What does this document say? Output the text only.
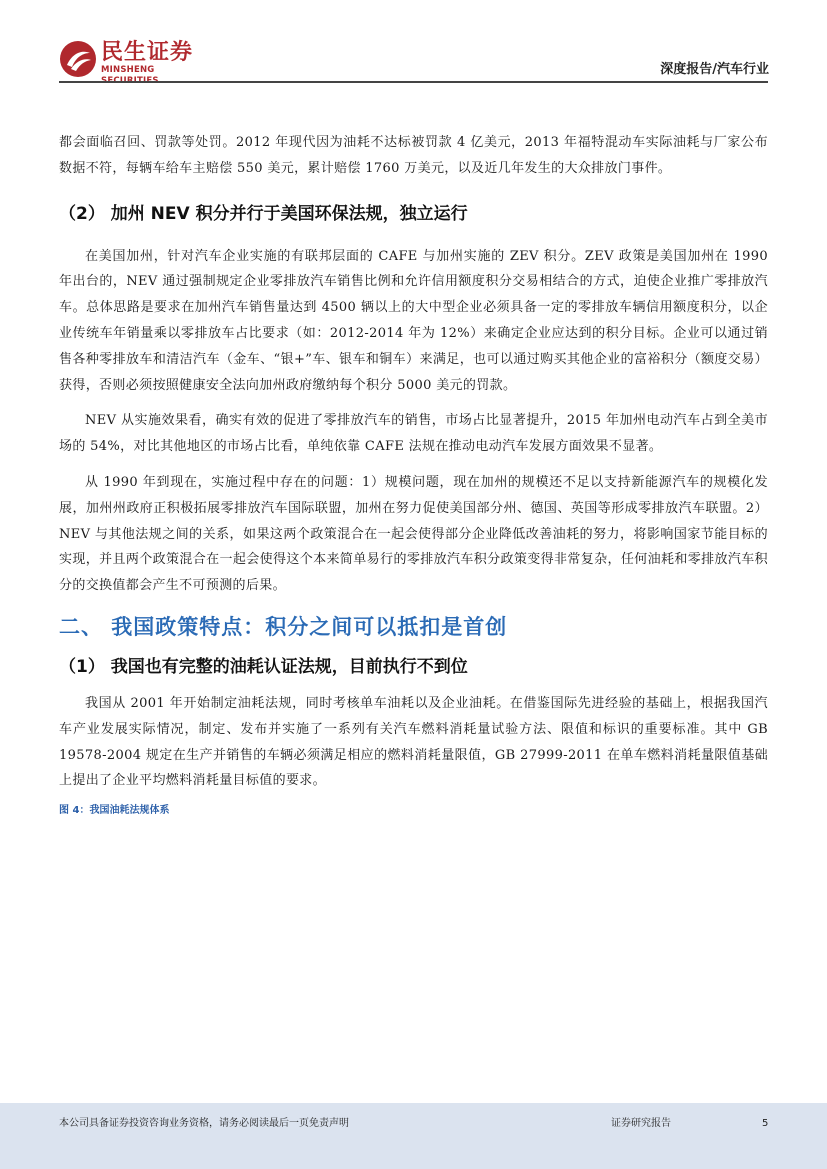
民生证券
MINSHENG	深度报告/汽车行业

都会面临召回、罚款等处罚。2012 年现代因为油耗不达标被罚款 4 亿美元，2013 年福特混动车实际油耗与厂家公布数据不符，每辆车给车主赔偿 550 美元，累计赔偿 1760 万美元，以及近几年发生的大众排放门事件。

（2） 加州 NEV 积分并行于美国环保法规，独立运行

在美国加州，针对汽车企业实施的有联邦层面的 CAFE 与加州实施的 ZEV 积分。ZEV 政策是美国加州在 1990 年出台的，NEV 通过强制规定企业零排放汽车销售比例和允许信用额度积分交易相结合的方式，迫使企业推广零排放汽车。总体思路是要求在加州汽车销售量达到 4500 辆以上的大中型企业必须具备一定的零排放车辆信用额度积分，以企业传统车年销量乘以零排放车占比要求（如：2012-2014 年为 12%）来确定企业应达到的积分目标。企业可以通过销售各种零排放车和清洁汽车（金车、“银+”车、银车和铜车）来满足，也可以通过购买其他企业的富裕积分（额度交易）获得，否则必须按照健康安全法向加州政府缴纳每个积分 5000 美元的罚款。

NEV 从实施效果看，确实有效的促进了零排放汽车的销售，市场占比显著提升，2015 年加州电动汽车占到全美市场的 54%，对比其他地区的市场占比看，单纯依靠 CAFE 法规在推动电动汽车发展方面效果不显著。

从 1990 年到现在，实施过程中存在的问题：1）规模问题，现在加州的规模还不足以支持新能源汽车的规模化发展，加州州政府正积极拓展零排放汽车国际联盟，加州在努力促使美国部分州、德国、英国等形成零排放汽车联盟。2）NEV 与其他法规之间的关系，如果这两个政策混合在一起会使得部分企业降低改善油耗的努力，将影响国家节能目标的实现，并且两个政策混合在一起会使得这个本来简单易行的零排放汽车积分政策变得非常复杂，任何油耗和零排放汽车积分的交换值都会产生不可预测的后果。

二、 我国政策特点：积分之间可以抵扣是首创

（1） 我国也有完整的油耗认证法规，目前执行不到位

我国从 2001 年开始制定油耗法规，同时考核单车油耗以及企业油耗。在借鉴国际先进经验的基础上，根据我国汽车产业发展实际情况，制定、发布并实施了一系列有关汽车燃料消耗量试验方法、限值和标识的重要标准。其中 GB 19578-2004 规定在生产并销售的车辆必须满足相应的燃料消耗量限值，GB 27999-2011 在单车燃料消耗量限值基础上提出了企业平均燃料消耗量目标值的要求。

图 4：我国油耗法规体系

本公司具备证券投资咨询业务资格，请务必阅读最后一页免责声明	证券研究报告	5
